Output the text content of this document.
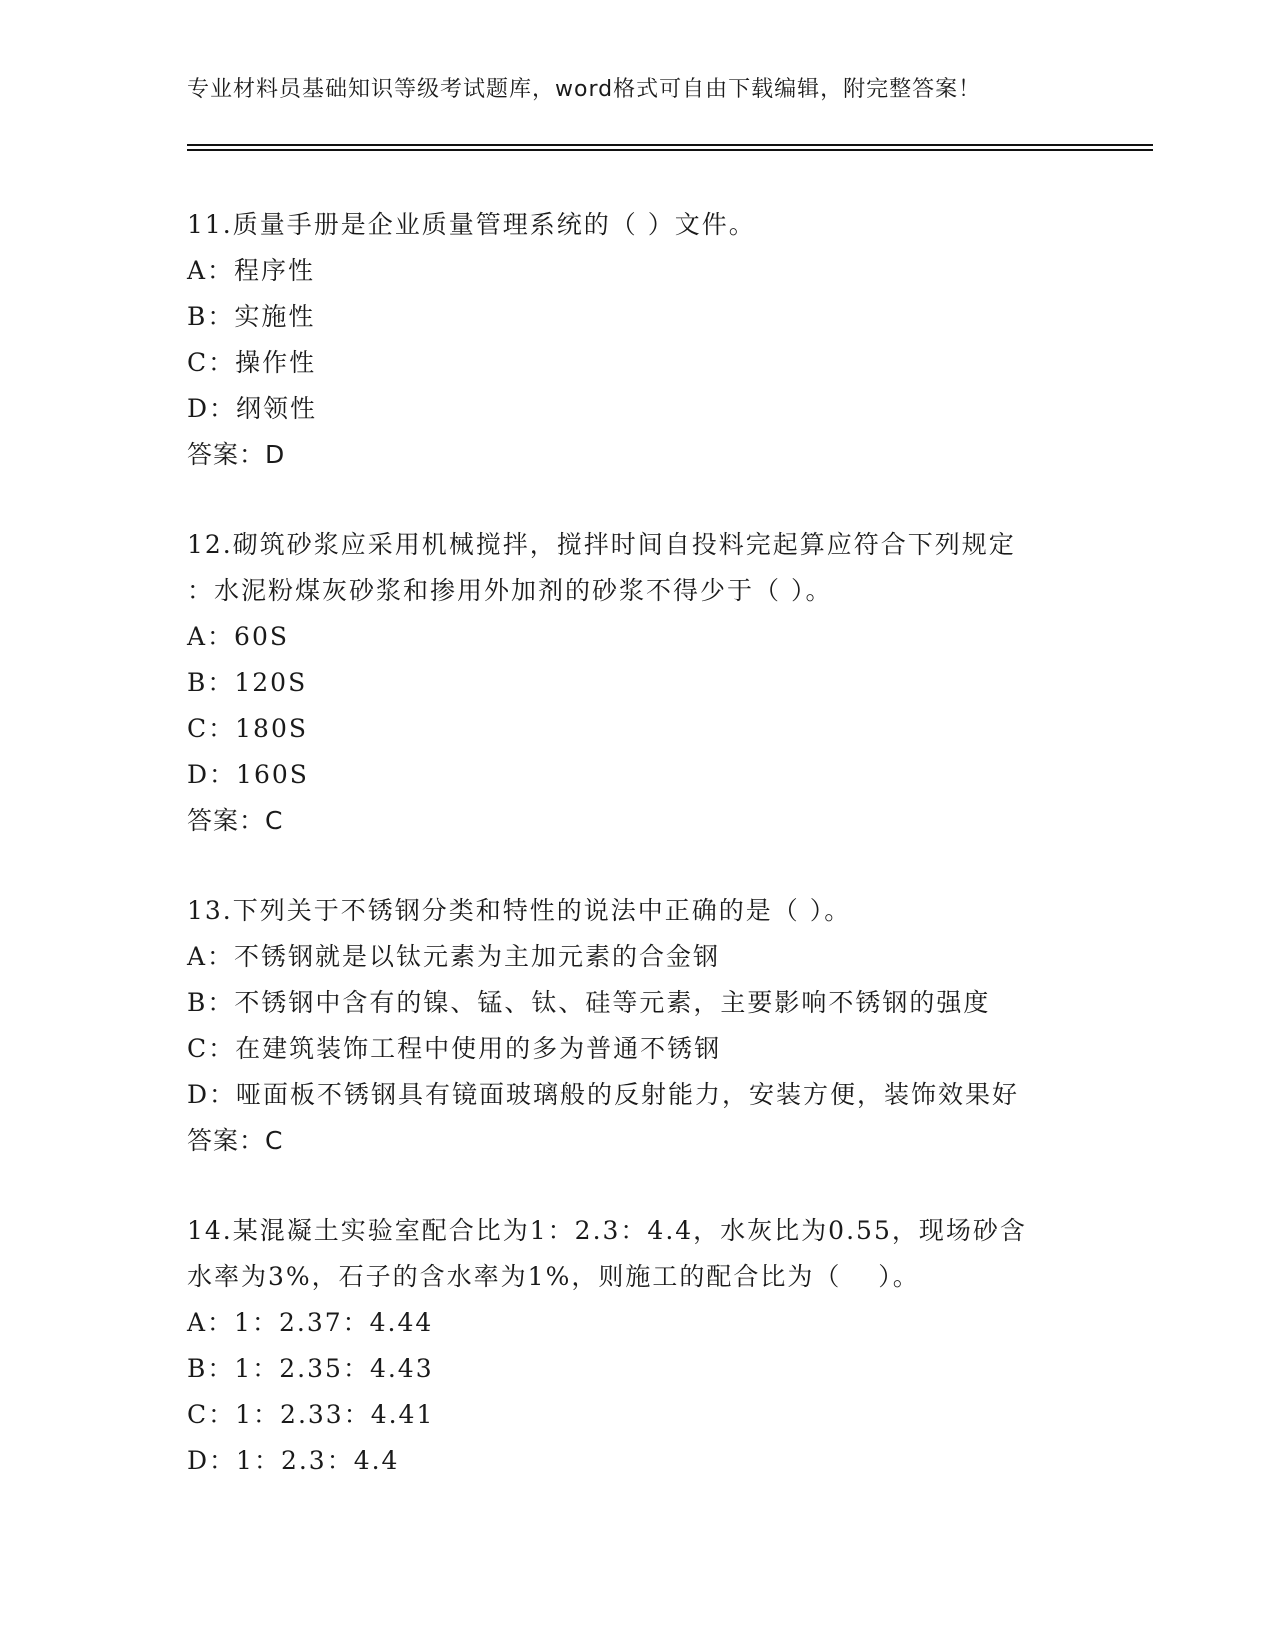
专业材料员基础知识等级考试题库，word格式可自由下载编辑，附完整答案！
11.质量手册是企业质量管理系统的（ ）文件。
A：程序性
B：实施性
C：操作性
D：纲领性
答案：D
12.砌筑砂浆应采用机械搅拌，搅拌时间自投料完起算应符合下列规定
：水泥粉煤灰砂浆和掺用外加剂的砂浆不得少于（ ）。
A：60S
B：120S
C：180S
D：160S
答案：C
13.下列关于不锈钢分类和特性的说法中正确的是（ ）。
A：不锈钢就是以钛元素为主加元素的合金钢
B：不锈钢中含有的镍、锰、钛、硅等元素，主要影响不锈钢的强度
C：在建筑装饰工程中使用的多为普通不锈钢
D：哑面板不锈钢具有镜面玻璃般的反射能力，安装方便，装饰效果好
答案：C
14.某混凝土实验室配合比为1：2.3：4.4，水灰比为0.55，现场砂含
水率为3%，石子的含水率为1%，则施工的配合比为（　 ）。
A：1：2.37：4.44
B：1：2.35：4.43
C：1：2.33：4.41
D：1：2.3：4.4
